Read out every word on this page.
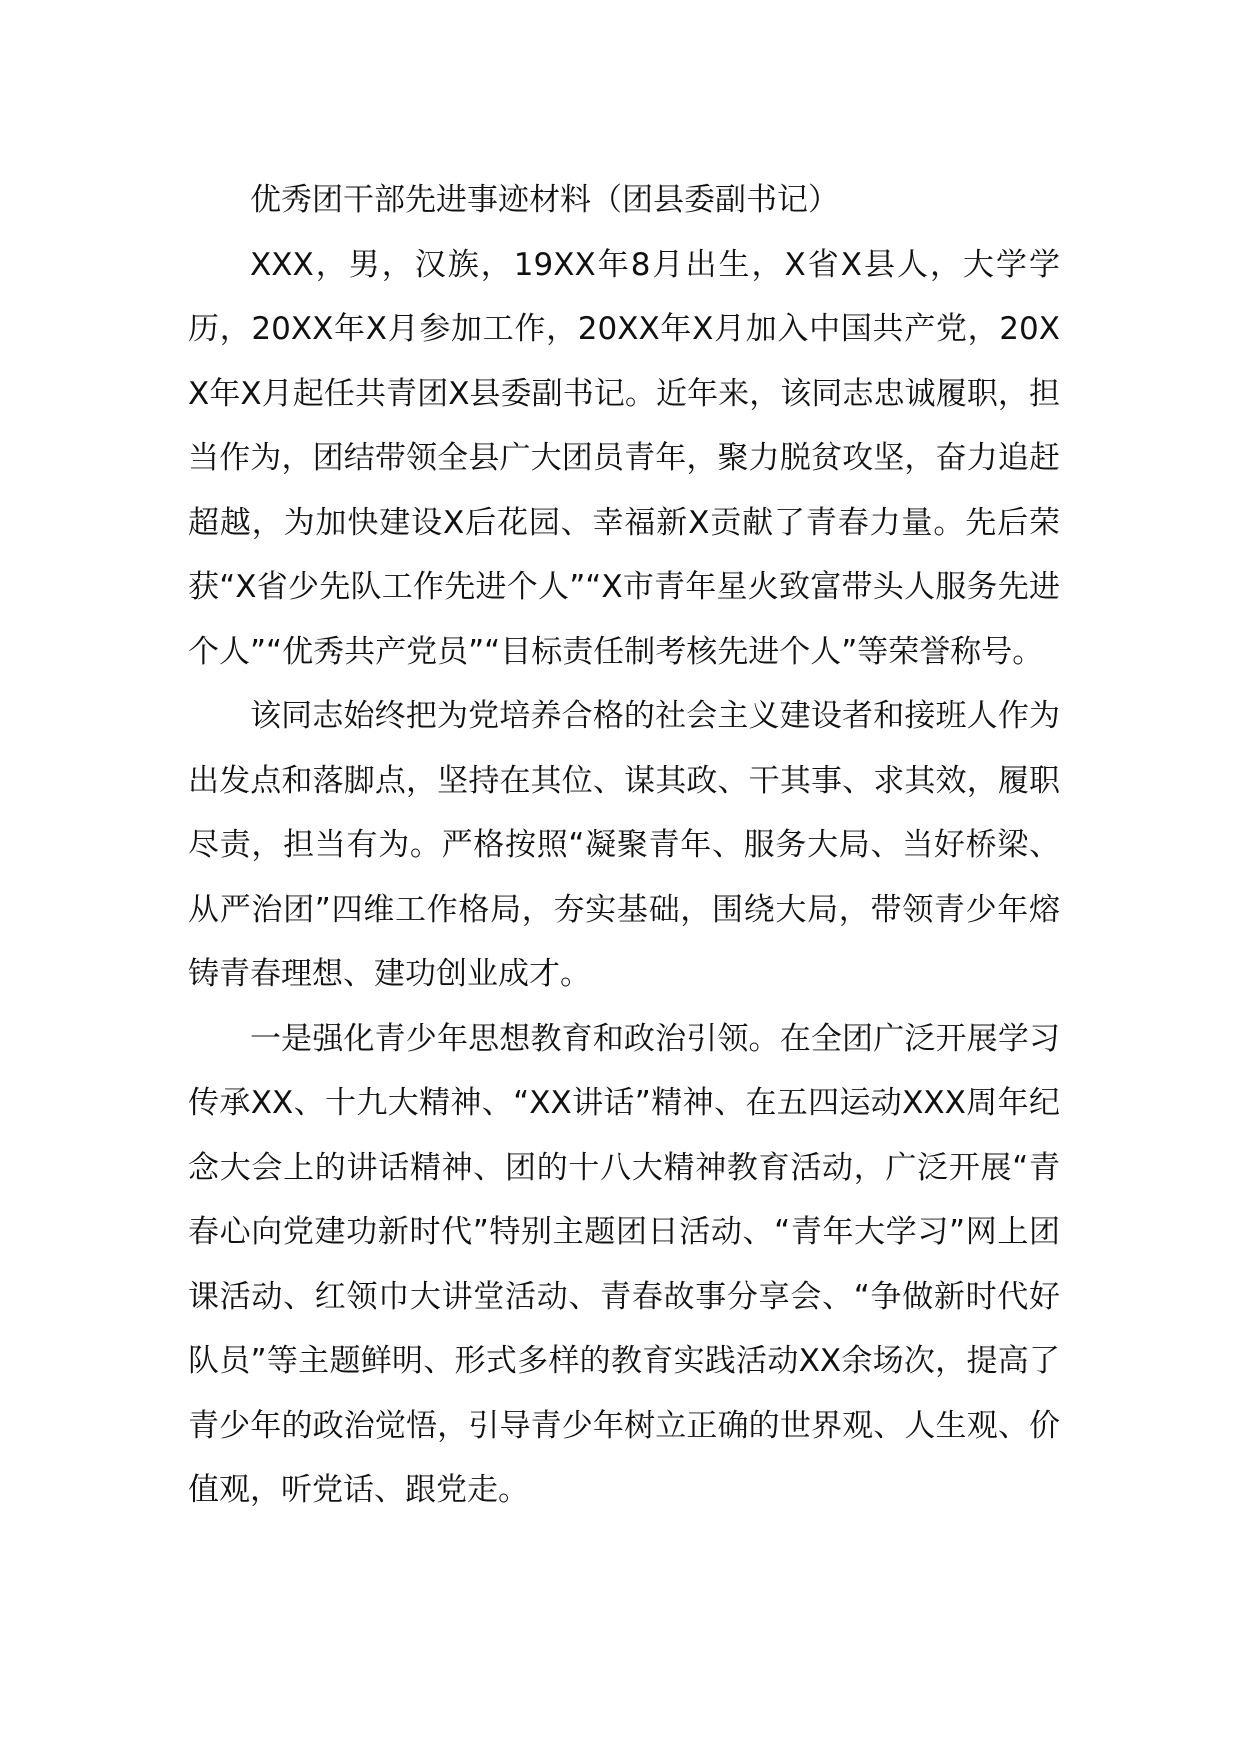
优秀团干部先进事迹材料（团县委副书记）

XXX，男，汉族，19XX年8月出生，X省X县人，大学学历，20XX年X月参加工作，20XX年X月加入中国共产党，20XX年X月起任共青团X县委副书记。近年来，该同志忠诚履职，担当作为，团结带领全县广大团员青年，聚力脱贫攻坚，奋力追赶超越，为加快建设X后花园、幸福新X贡献了青春力量。先后荣获“X省少先队工作先进个人”“X市青年星火致富带头人服务先进个人”“优秀共产党员”“目标责任制考核先进个人”等荣誉称号。

该同志始终把为党培养合格的社会主义建设者和接班人作为出发点和落脚点，坚持在其位、谋其政、干其事、求其效，履职尽责，担当有为。严格按照“凝聚青年、服务大局、当好桥梁、从严治团”四维工作格局，夯实基础，围绕大局，带领青少年熔铸青春理想、建功创业成才。

一是强化青少年思想教育和政治引领。在全团广泛开展学习传承XX、十九大精神、“XX讲话”精神、在五四运动XXX周年纪念大会上的讲话精神、团的十八大精神教育活动，广泛开展“青春心向党建功新时代”特别主题团日活动、“青年大学习”网上团课活动、红领巾大讲堂活动、青春故事分享会、“争做新时代好队员”等主题鲜明、形式多样的教育实践活动XX余场次，提高了青少年的政治觉悟，引导青少年树立正确的世界观、人生观、价值观，听党话、跟党走。
